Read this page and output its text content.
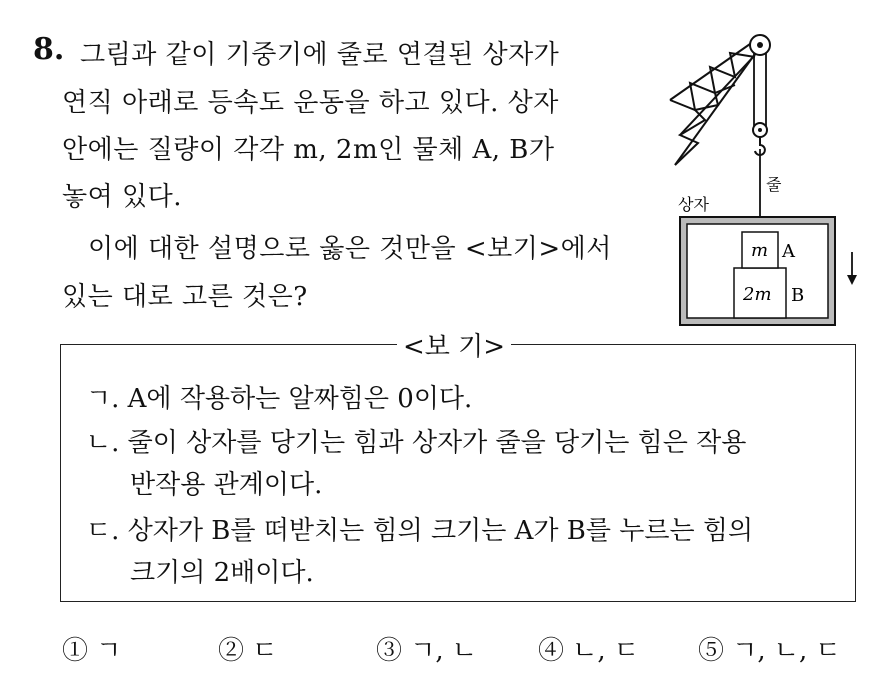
8. 그림과 같이 기중기에 줄로 연결된 상자가
연직 아래로 등속도 운동을 하고 있다. 상자
안에는 질량이 각각 m, 2m인 물체 A, B가
놓여 있다.
이에 대한 설명으로 옳은 것만을 <보기>에서
있는 대로 고른 것은?
줄
상자
2m B
m A
<보 기>
ㄱ. A에 작용하는 알짜힘은 0이다.
ㄴ. 줄이 상자를 당기는 힘과 상자가 줄을 당기는 힘은 작용
반작용 관계이다.
ㄷ. 상자가 B를 떠받치는 힘의 크기는 A가 B를 누르는 힘의
크기의 2배이다.
① ㄱ	② ㄷ	③ ㄱ, ㄴ ④ ㄴ, ㄷ ⑤ ㄱ, ㄴ, ㄷ
